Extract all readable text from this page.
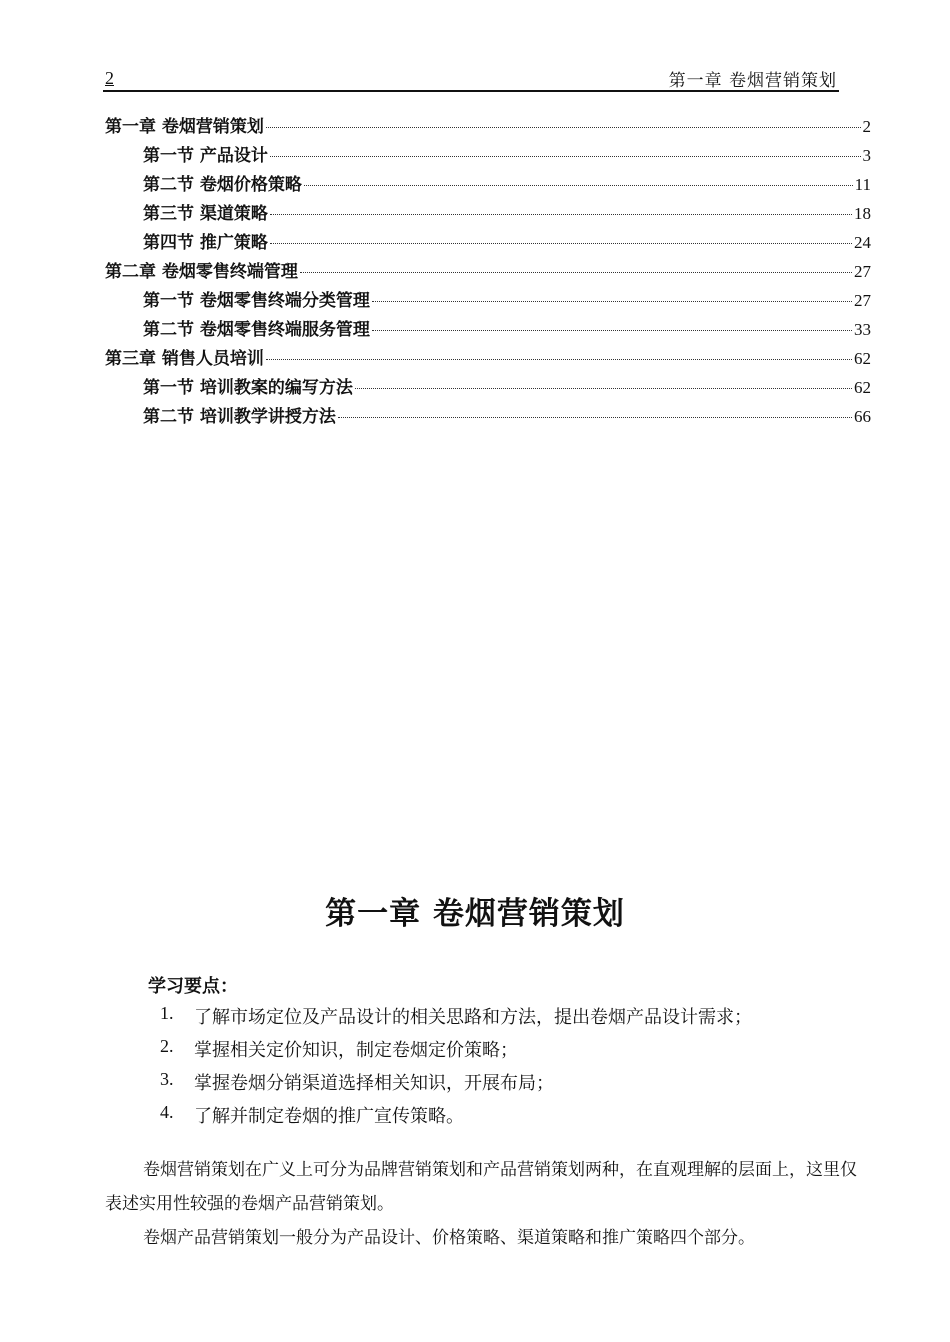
2	第一章 卷烟营销策划
第一章 卷烟营销策划	2
第一节 产品设计	3
第二节 卷烟价格策略	11
第三节 渠道策略	18
第四节 推广策略	24
第二章 卷烟零售终端管理	27
第一节 卷烟零售终端分类管理	27
第二节 卷烟零售终端服务管理	33
第三章 销售人员培训	62
第一节 培训教案的编写方法	62
第二节 培训教学讲授方法	66
第一章 卷烟营销策划
学习要点：
1.	了解市场定位及产品设计的相关思路和方法，提出卷烟产品设计需求；
2.	掌握相关定价知识，制定卷烟定价策略；
3.	掌握卷烟分销渠道选择相关知识，开展布局；
4.	了解并制定卷烟的推广宣传策略。
卷烟营销策划在广义上可分为品牌营销策划和产品营销策划两种，在直观理解的层面上，这里仅表述实用性较强的卷烟产品营销策划。
卷烟产品营销策划一般分为产品设计、价格策略、渠道策略和推广策略四个部分。
